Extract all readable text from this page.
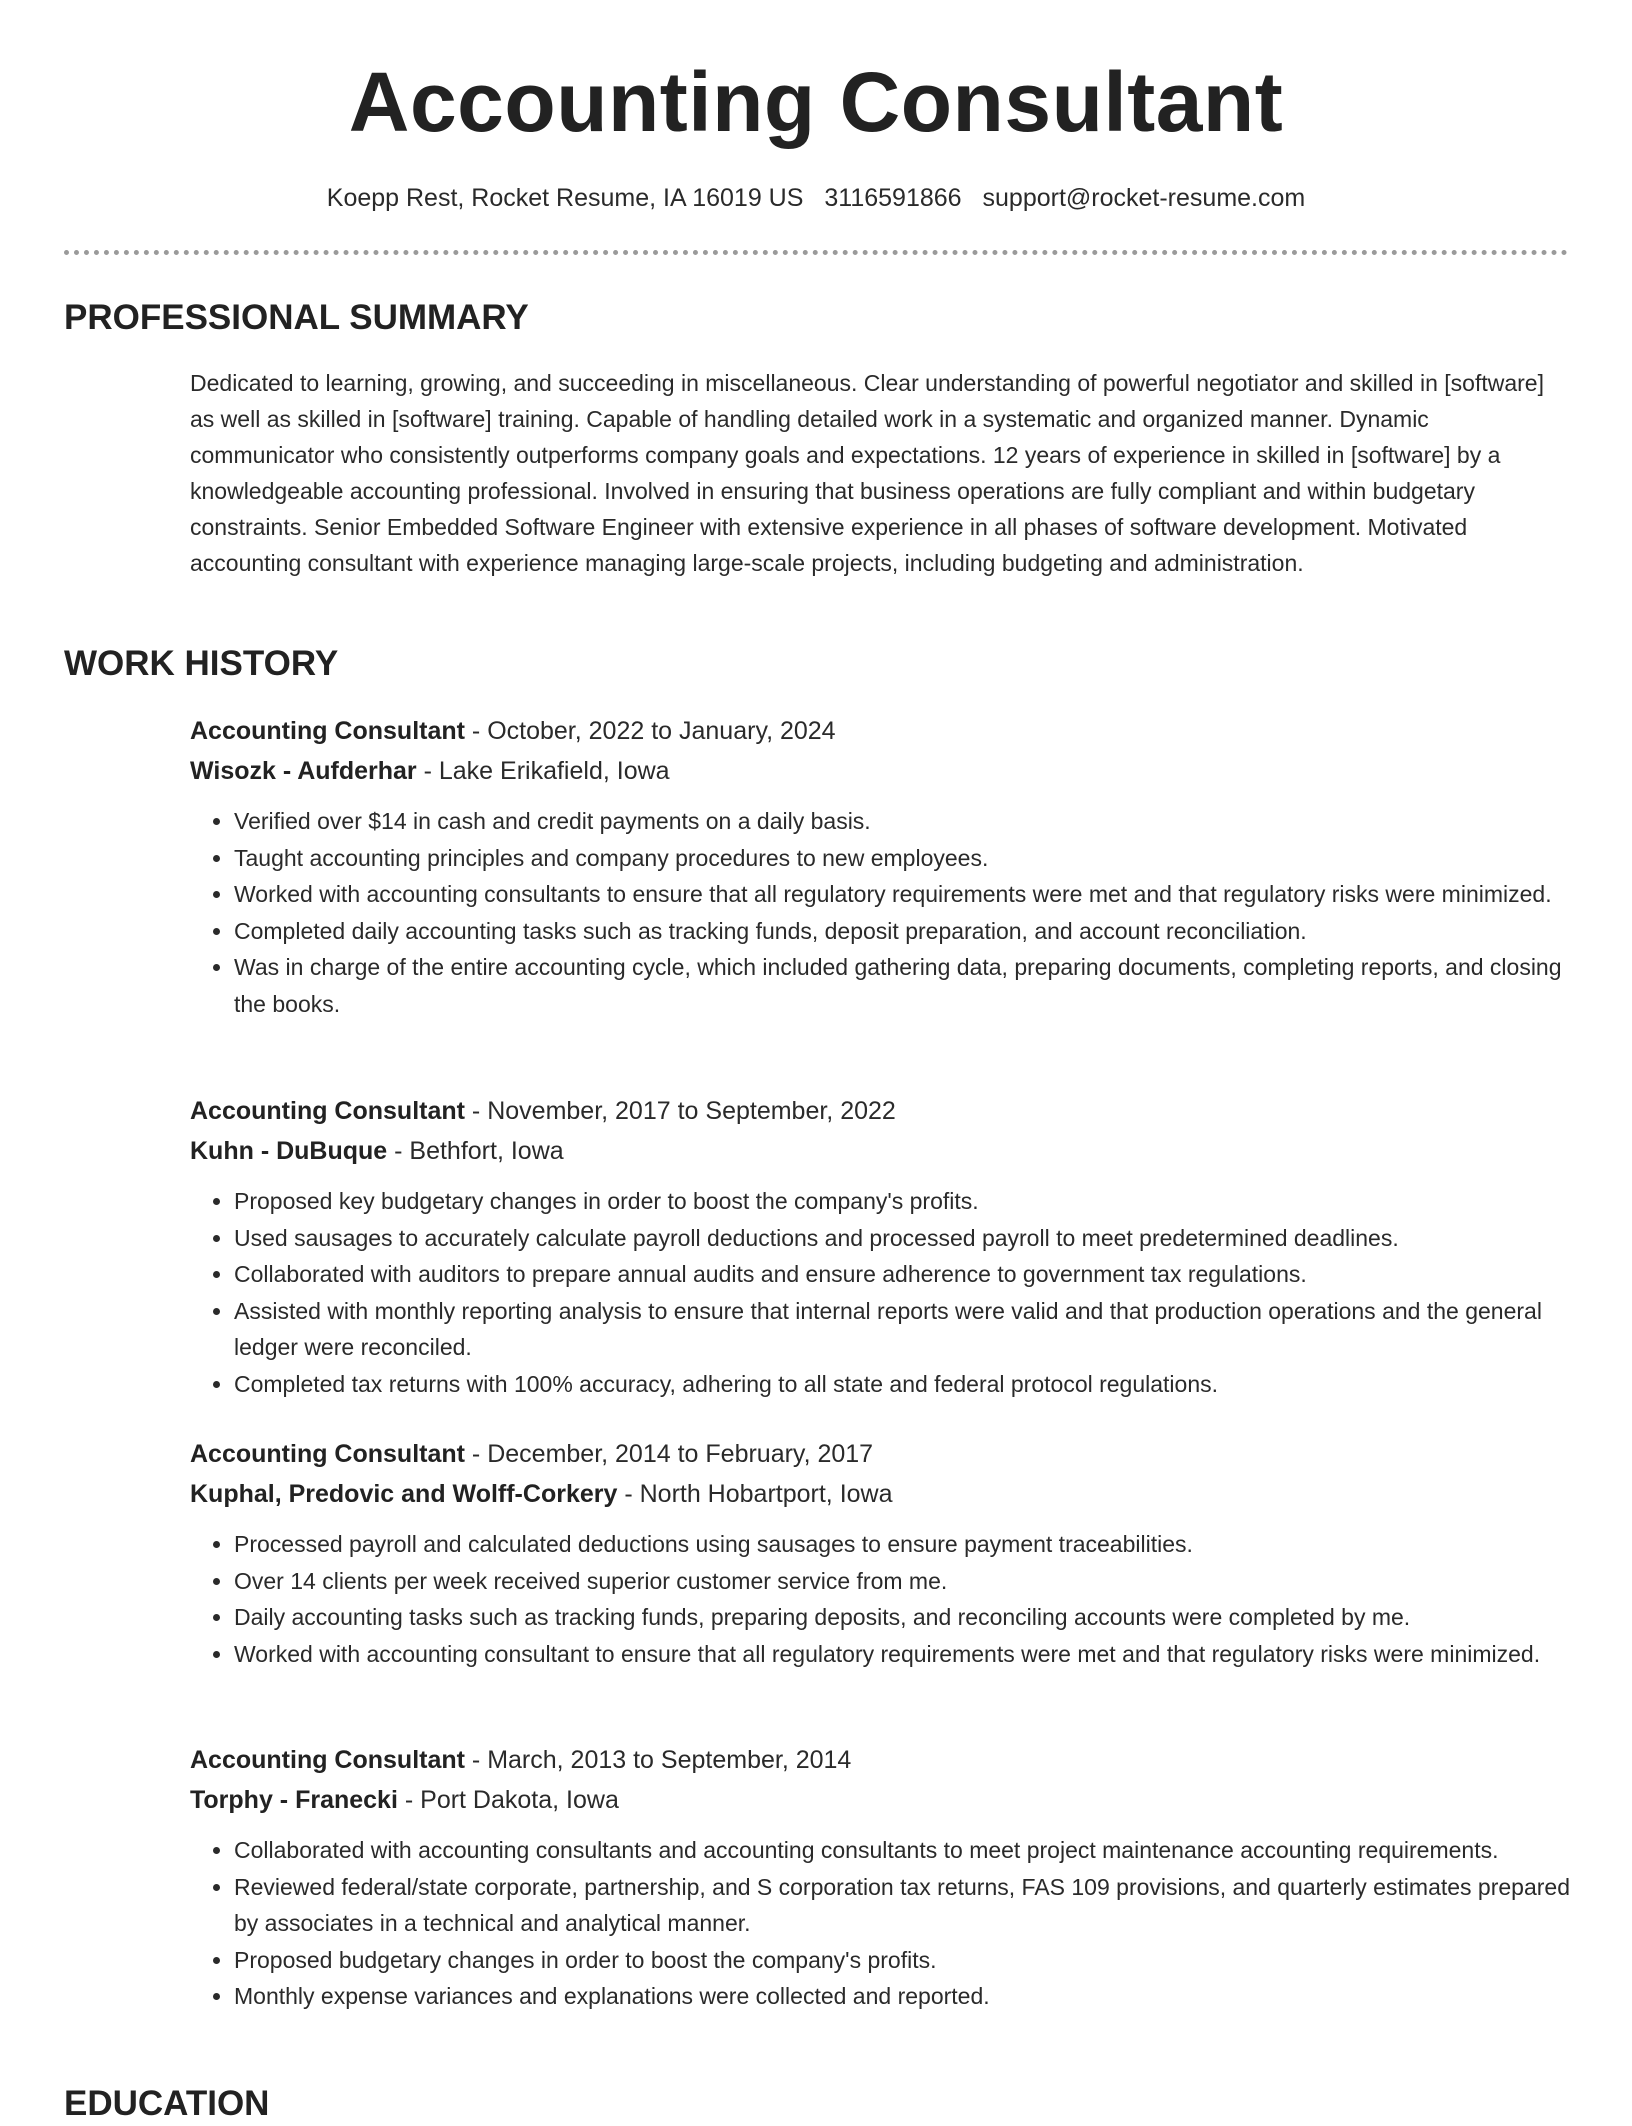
Accounting Consultant
Koepp Rest, Rocket Resume, IA 16019 US 3116591866 support@rocket-resume.com
PROFESSIONAL SUMMARY

Dedicated to learning, growing, and succeeding in miscellaneous. Clear understanding of powerful negotiator and skilled in [software] as well as skilled in [software] training. Capable of handling detailed work in a systematic and organized manner. Dynamic communicator who consistently outperforms company goals and expectations. 12 years of experience in skilled in [software] by a knowledgeable accounting professional. Involved in ensuring that business operations are fully compliant and within budgetary constraints. Senior Embedded Software Engineer with extensive experience in all phases of software development. Motivated accounting consultant with experience managing large-scale projects, including budgeting and administration.

WORK HISTORY

Accounting Consultant - October, 2022 to January, 2024

Wisozk - Aufderhar - Lake Erikafield, Iowa

• Verified over $14 in cash and credit payments on a daily basis.
• Taught accounting principles and company procedures to new employees.
• Worked with accounting consultants to ensure that all regulatory requirements were met and that regulatory risks were minimized.
• Completed daily accounting tasks such as tracking funds, deposit preparation, and account reconciliation.
• Was in charge of the entire accounting cycle, which included gathering data, preparing documents, completing reports, and closing the books.

Accounting Consultant - November, 2017 to September, 2022

Kuhn - DuBuque - Bethfort, Iowa

• Proposed key budgetary changes in order to boost the company's profits.
• Used sausages to accurately calculate payroll deductions and processed payroll to meet predetermined deadlines.
• Collaborated with auditors to prepare annual audits and ensure adherence to government tax regulations.
• Assisted with monthly reporting analysis to ensure that internal reports were valid and that production operations and the general ledger were reconciled.
• Completed tax returns with 100% accuracy, adhering to all state and federal protocol regulations.

Accounting Consultant - December, 2014 to February, 2017

Kuphal, Predovic and Wolff-Corkery - North Hobartport, Iowa

• Processed payroll and calculated deductions using sausages to ensure payment traceabilities.
• Over 14 clients per week received superior customer service from me.
• Daily accounting tasks such as tracking funds, preparing deposits, and reconciling accounts were completed by me.
• Worked with accounting consultant to ensure that all regulatory requirements were met and that regulatory risks were minimized.

Accounting Consultant - March, 2013 to September, 2014

Torphy - Franecki - Port Dakota, Iowa

• Collaborated with accounting consultants and accounting consultants to meet project maintenance accounting requirements.
• Reviewed federal/state corporate, partnership, and S corporation tax returns, FAS 109 provisions, and quarterly estimates prepared by associates in a technical and analytical manner.
• Proposed budgetary changes in order to boost the company's profits.
• Monthly expense variances and explanations were collected and reported.
EDUCATION
